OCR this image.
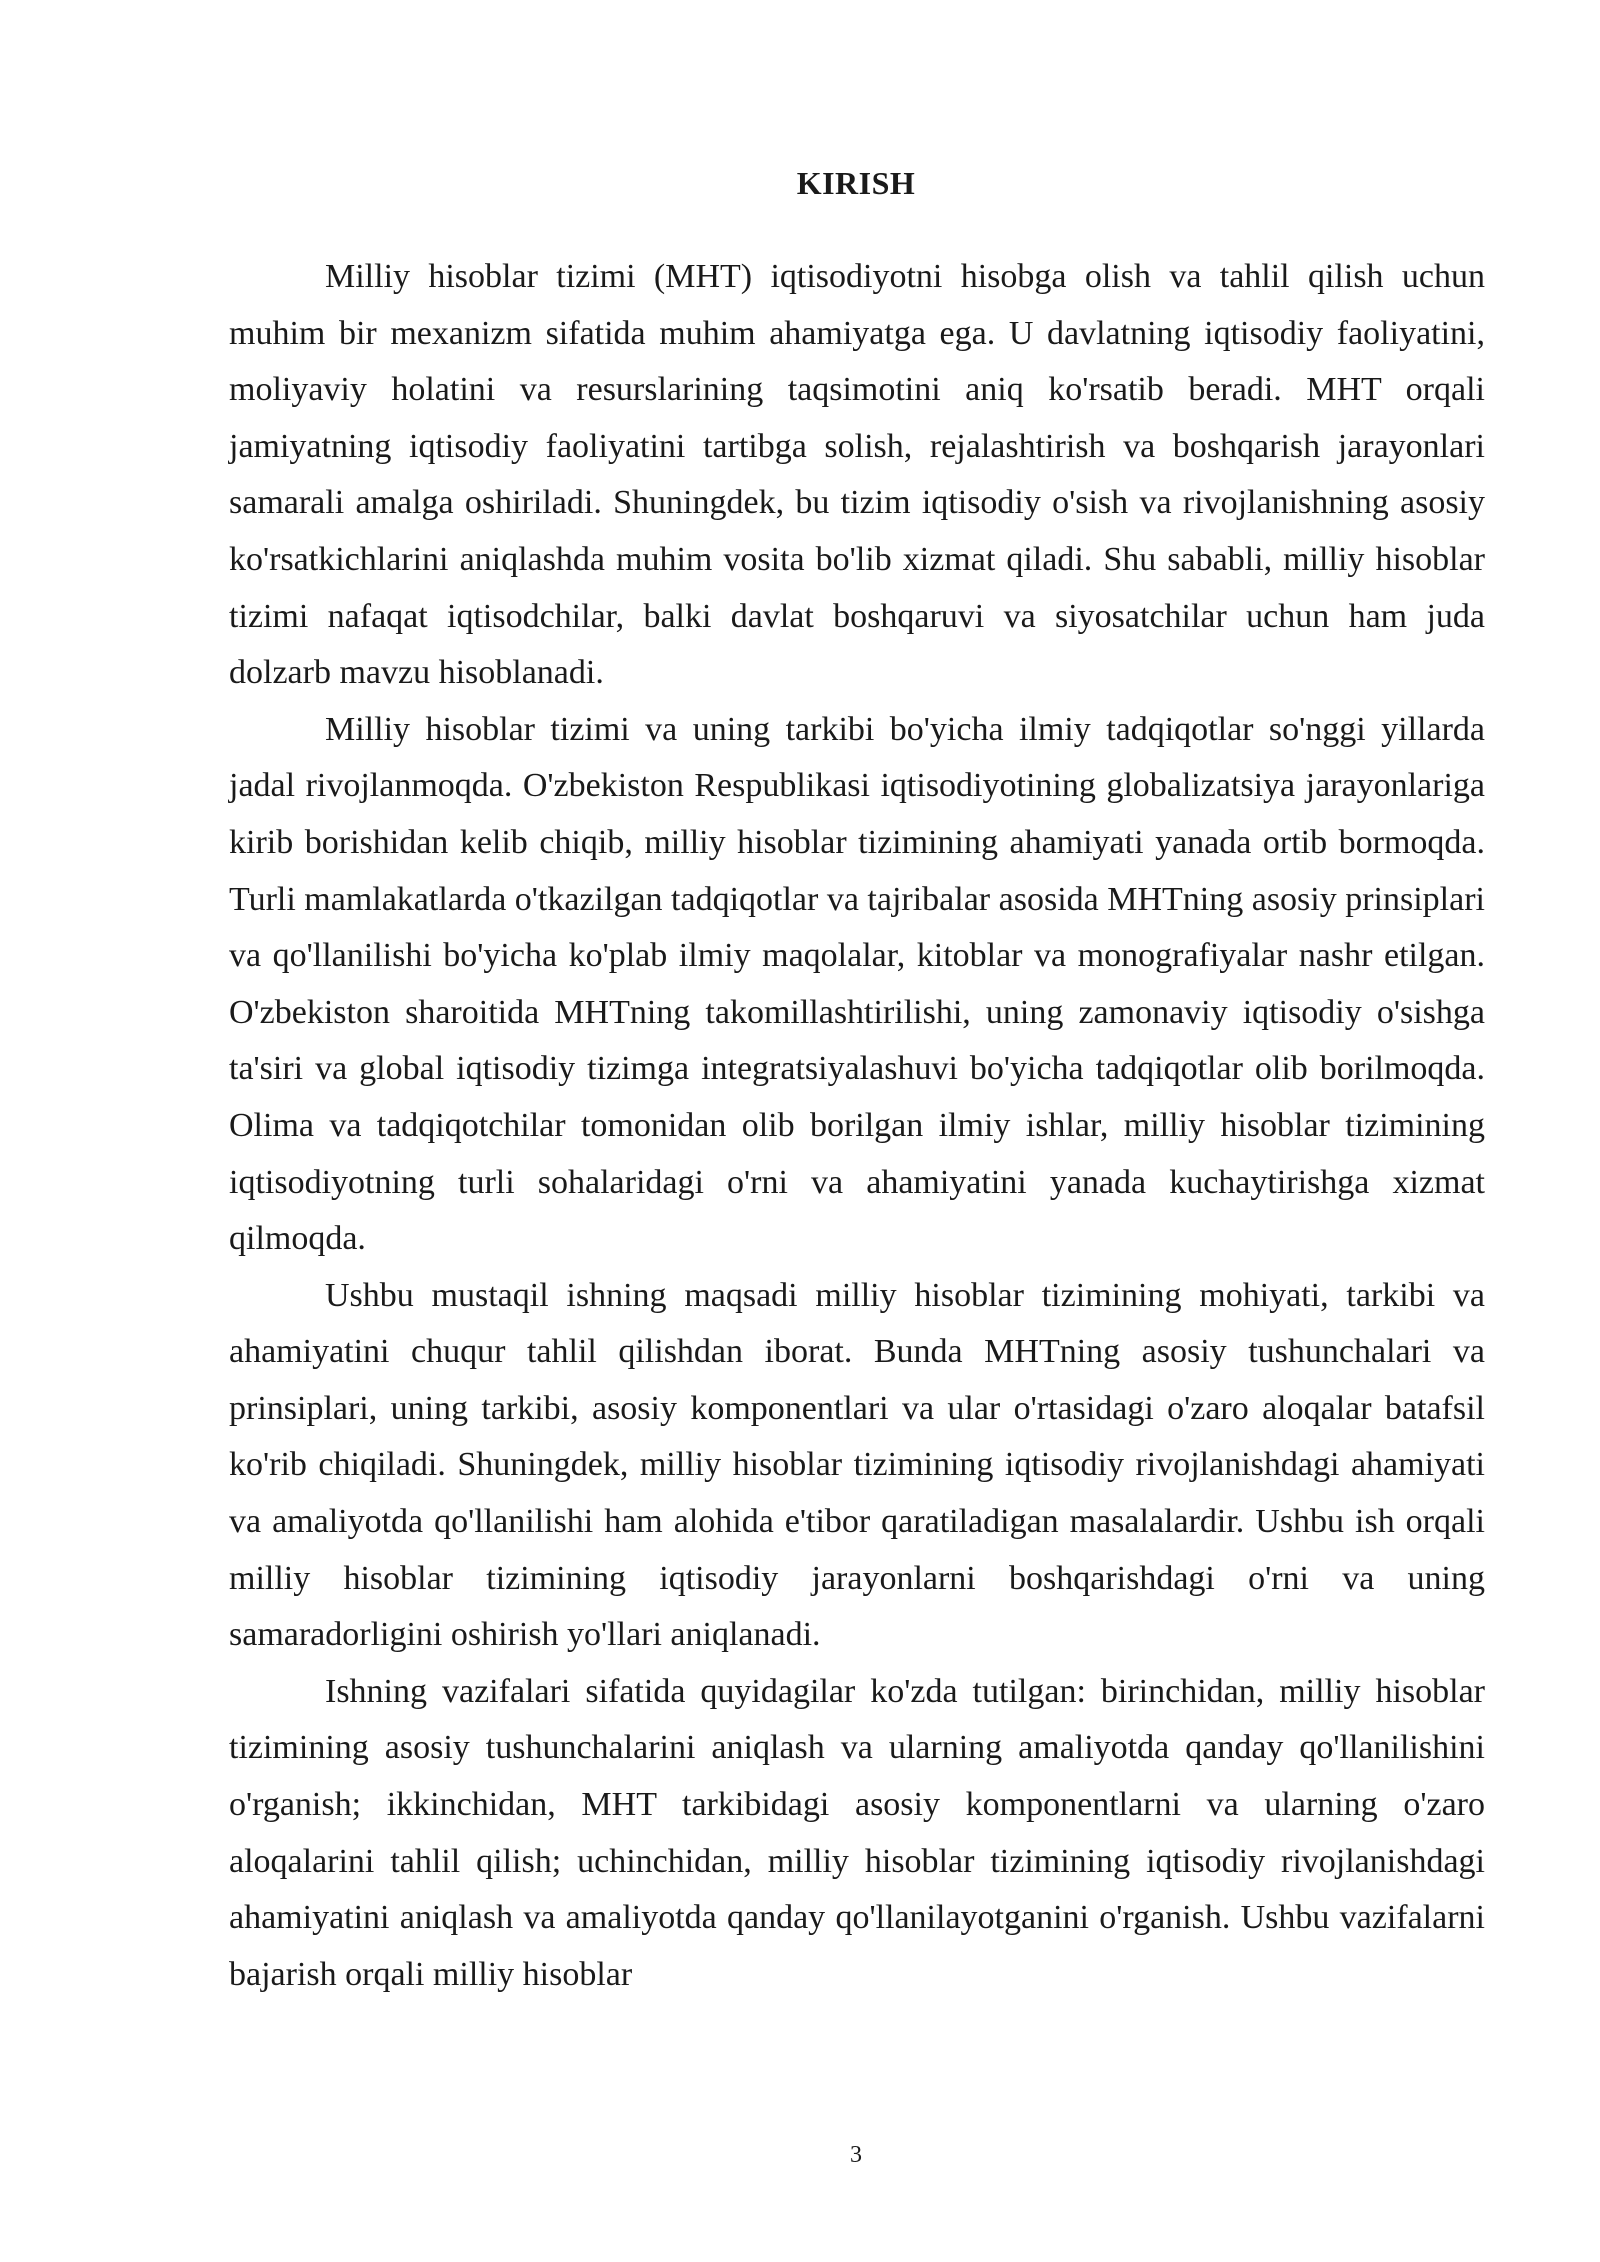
KIRISH

Milliy hisoblar tizimi (MHT) iqtisodiyotni hisobga olish va tahlil qilish uchun muhim bir mexanizm sifatida muhim ahamiyatga ega. U davlatning iqtisodiy faoliyatini, moliyaviy holatini va resurslarining taqsimotini aniq ko'rsatib beradi. MHT orqali jamiyatning iqtisodiy faoliyatini tartibga solish, rejalashtirish va boshqarish jarayonlari samarali amalga oshiriladi. Shuningdek, bu tizim iqtisodiy o'sish va rivojlanishning asosiy ko'rsatkichlarini aniqlashda muhim vosita bo'lib xizmat qiladi. Shu sababli, milliy hisoblar tizimi nafaqat iqtisodchilar, balki davlat boshqaruvi va siyosatchilar uchun ham juda dolzarb mavzu hisoblanadi.

Milliy hisoblar tizimi va uning tarkibi bo'yicha ilmiy tadqiqotlar so'nggi yillarda jadal rivojlanmoqda. O'zbekiston Respublikasi iqtisodiyotining globalizatsiya jarayonlariga kirib borishidan kelib chiqib, milliy hisoblar tizimining ahamiyati yanada ortib bormoqda. Turli mamlakatlarda o'tkazilgan tadqiqotlar va tajribalar asosida MHTning asosiy prinsiplari va qo'llanilishi bo'yicha ko'plab ilmiy maqolalar, kitoblar va monografiyalar nashr etilgan. O'zbekiston sharoitida MHTning takomillashtirilishi, uning zamonaviy iqtisodiy o'sishga ta'siri va global iqtisodiy tizimga integratsiyalashuvi bo'yicha tadqiqotlar olib borilmoqda. Olima va tadqiqotchilar tomonidan olib borilgan ilmiy ishlar, milliy hisoblar tizimining iqtisodiyotning turli sohalaridagi o'rni va ahamiyatini yanada kuchaytirishga xizmat qilmoqda.

Ushbu mustaqil ishning maqsadi milliy hisoblar tizimining mohiyati, tarkibi va ahamiyatini chuqur tahlil qilishdan iborat. Bunda MHTning asosiy tushunchalari va prinsiplari, uning tarkibi, asosiy komponentlari va ular o'rtasidagi o'zaro aloqalar batafsil ko'rib chiqiladi. Shuningdek, milliy hisoblar tizimining iqtisodiy rivojlanishdagi ahamiyati va amaliyotda qo'llanilishi ham alohida e'tibor qaratiladigan masalalardir. Ushbu ish orqali milliy hisoblar tizimining iqtisodiy jarayonlarni boshqarishdagi o'rni va uning samaradorligini oshirish yo'llari aniqlanadi.

Ishning vazifalari sifatida quyidagilar ko'zda tutilgan: birinchidan, milliy hisoblar tizimining asosiy tushunchalarini aniqlash va ularning amaliyotda qanday qo'llanilishini o'rganish; ikkinchidan, MHT tarkibidagi asosiy komponentlarni va ularning o'zaro aloqalarini tahlil qilish; uchinchidan, milliy hisoblar tizimining iqtisodiy rivojlanishdagi ahamiyatini aniqlash va amaliyotda qanday qo'llanilayotganini o'rganish. Ushbu vazifalarni bajarish orqali milliy hisoblar

3
